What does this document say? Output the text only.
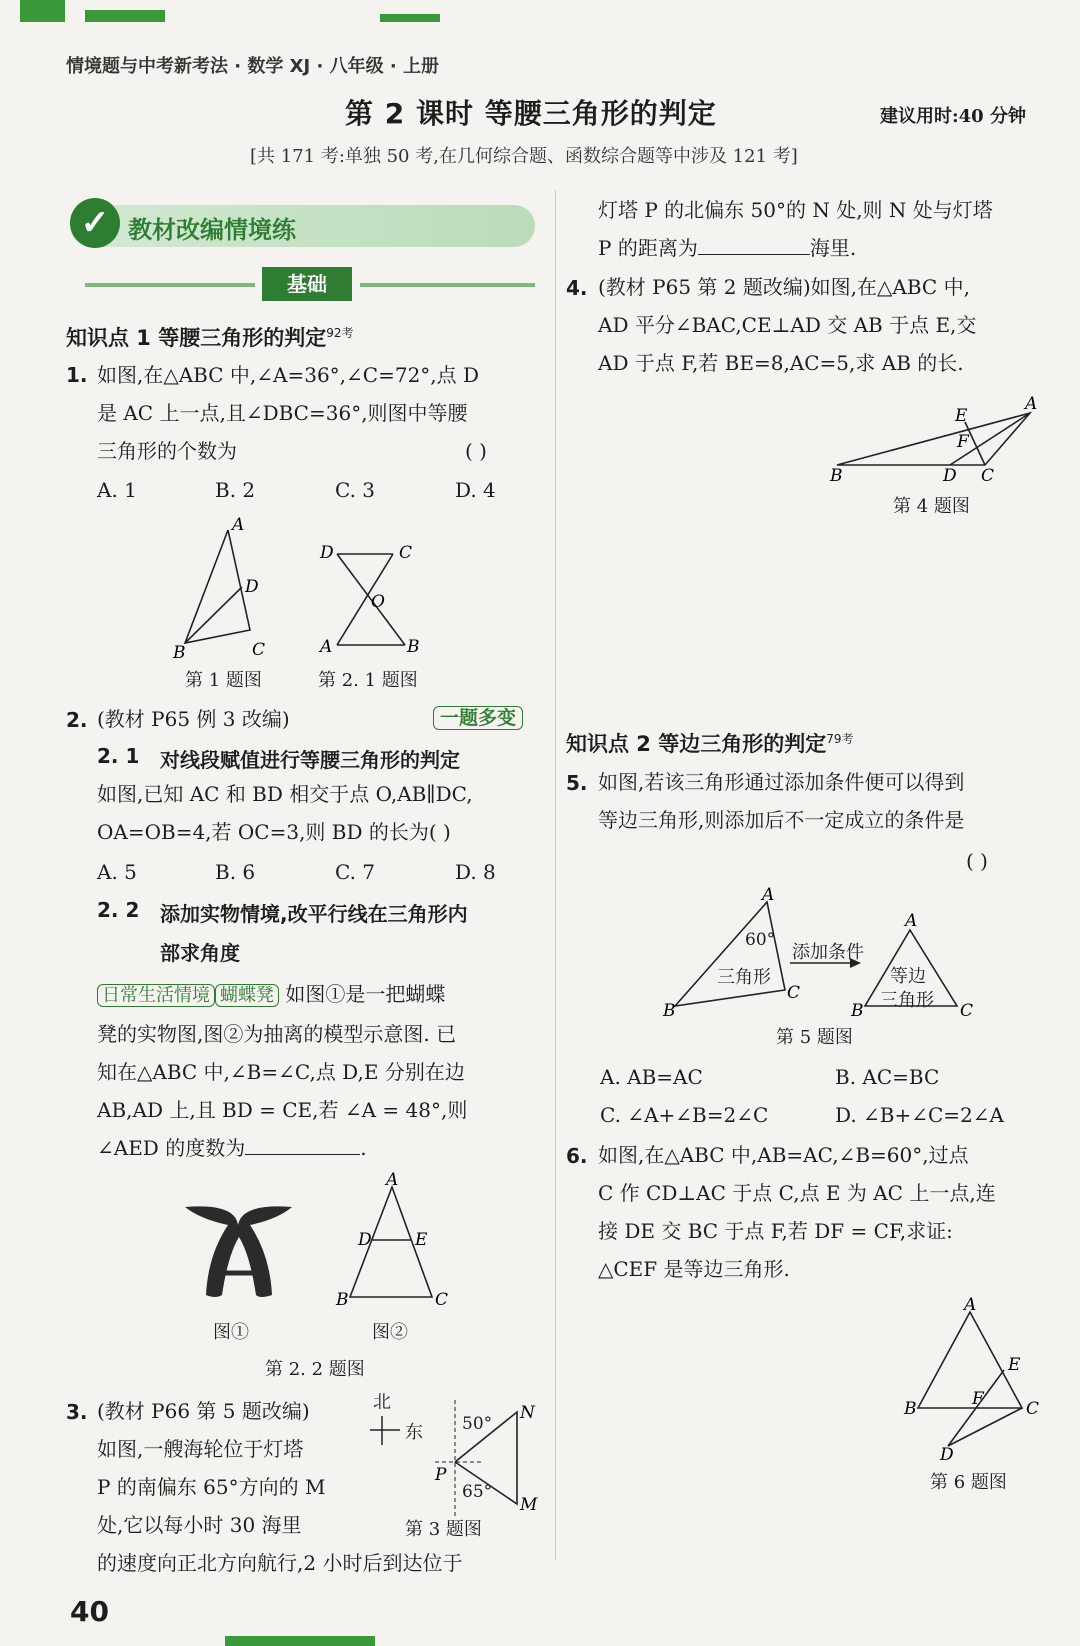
情境题与中考新考法 · 数学 XJ · 八年级 · 上册
第 2 课时 等腰三角形的判定	建议用时:40 分钟
[共 171 考:单独 50 考,在几何综合题、函数综合题等中涉及 121 考]
✓ 教材改编情境练
基础
知识点 1 等腰三角形的判定$^{92考}$
1. 如图,在△ABC 中,∠A=36°,∠C=72°,点 D
是 AC 上一点,且∠DBC=36°,则图中等腰
三角形的个数为	( )
A. 1	B. 2	C. 3	D. 4
A
D
B	C
第 1 题图
D	C
O
A	B
第 2. 1 题图
2. (教材 P65 例 3 改编)	一题多变
2. 1 对线段赋值进行等腰三角形的判定
如图,已知 AC 和 BD 相交于点 O,AB∥DC,
OA=OB=4,若 OC=3,则 BD 的长为( )
A. 5	B. 6	C. 7	D. 8
2. 2 添加实物情境,改平行线在三角形内
部求角度
日常生活情境 蝴蝶凳 如图①是一把蝴蝶
凳的实物图,图②为抽离的模型示意图. 已
知在△ABC 中,∠B=∠C,点 D,E 分别在边
AB,AD 上,且 BD = CE,若 ∠A = 48°,则
∠AED 的度数为	.
A
D	E
B	C
图①	图②
第 2. 2 题图
3. (教材 P66 第 5 题改编)
如图,一艘海轮位于灯塔
P 的南偏东 65°方向的 M
处,它以每小时 30 海里
的速度向正北方向航行,2 小时后到达位于
北
东
N
M
P
50°
65°
第 3 题图
灯塔 P 的北偏东 50°的 N 处,则 N 处与灯塔
P 的距离为	海里.
4. (教材 P65 第 2 题改编)如图,在△ABC 中,
AD 平分∠BAC,CE⊥AD 交 AB 于点 E,交
AD 于点 F,若 BE=8,AC=5,求 AB 的长.
A
E
F
B	D C
第 4 题图
知识点 2 等边三角形的判定$^{79考}$
5. 如图,若该三角形通过添加条件便可以得到
等边三角形,则添加后不一定成立的条件是
( )
A
B
C
A
B	C
60°
三角形
添加条件
等边
三角形
第 5 题图
A. AB=AC	B. AC=BC
C. ∠A+∠B=2∠C	D. ∠B+∠C=2∠A
6. 如图,在△ABC 中,AB=AC,∠B=60°,过点
C 作 CD⊥AC 于点 C,点 E 为 AC 上一点,连
接 DE 交 BC 于点 F,若 DF = CF,求证:
△CEF 是等边三角形.
A
E
F
B	C
D
第 6 题图
40
